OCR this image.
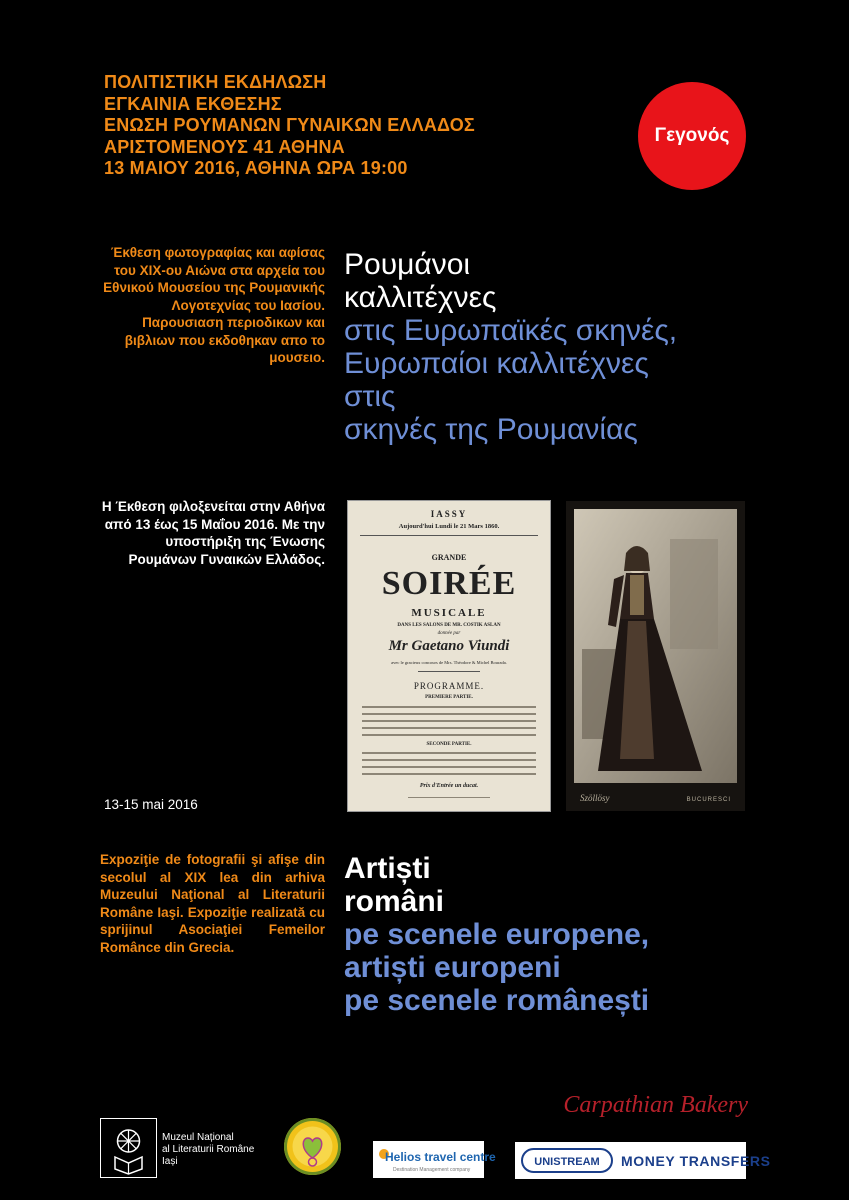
ΠΟΛΙΤΙΣΤΙΚΗ ΕΚΔΗΛΩΣΗ
ΕΓΚΑΙΝΙΑ ΕΚΘΕΣΗΣ
ΕΝΩΣΗ ΡΟΥΜΑΝΩΝ ΓΥΝΑΙΚΩΝ ΕΛΛΑΔΟΣ
ΑΡΙΣΤΟΜΕΝΟΥΣ 41 ΑΘΗΝΑ
13 ΜΑΙΟΥ 2016, ΑΘΗΝΑ ΩΡΑ 19:00
Γεγονός
Έκθεση φωτογραφίας και αφίσας του XIX-ου Αιώνα στα αρχεία του Εθνικού Μουσείου της Ρουμανικής Λογοτεχνίας του Ιασίου. Παρουσιαση περιοδικων και βιβλιων που εκδοθηκαν απο το μουσειο.
Ρουμάνοι
καλλιτέχνες
στις Ευρωπαϊκές σκηνές,
Ευρωπαίοι καλλιτέχνες
στις
σκηνές της Ρουμανίας
Η Έκθεση φιλοξενείται στην Αθήνα από 13 έως 15 Μαΐου 2016. Με την υποστήριξη της Ένωσης Ρουμάνων Γυναικών Ελλάδος.
13-15 mai 2016
IASSY
Aujourd'hui Lundi le 21 Mars 1860.
GRANDE
SOIRÉE
MUSICALE
DANS LES SALONS DE MR. COSTIK ASLAN
donnée par
Mr Gaetano Viundi
avec le gracieux concours de Mrs. Théodore & Michel Bourada.
PROGRAMME.
PREMIERE PARTIE.
SECONDE PARTIE.
Prix d'Entrée un ducat.
Szöllösy	BUCURESCI
Expoziţie de fotografii şi afişe din secolul al XIX lea din arhiva Muzeului Naţional al Literaturii Române Iaşi. Expoziţie realizată cu sprijinul Asociaţiei Femeilor Românce din Grecia.
Artiști
români
pe scenele europene,
artiști europeni
pe scenele românești
Carpathian Bakery
Muzeul Național
al Literaturii Române
Iași	Helios travel centre
Destination Management company
UNISTREAM	MONEY TRANSFERS
